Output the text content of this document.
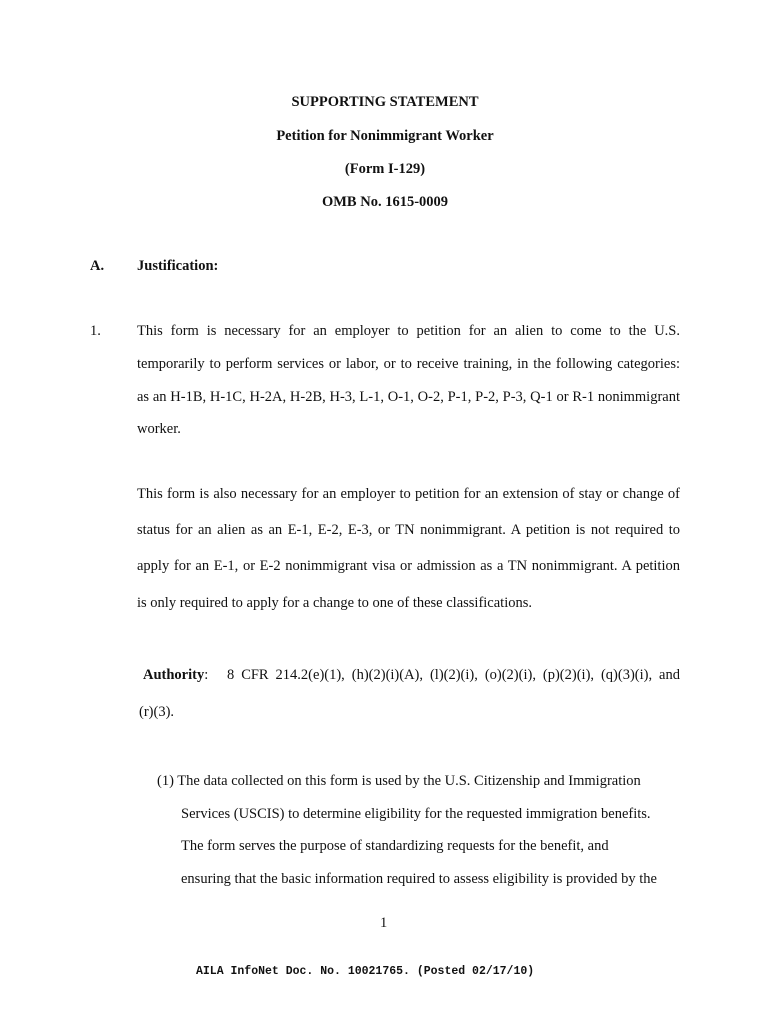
SUPPORTING STATEMENT
Petition for Nonimmigrant Worker
(Form I-129)
OMB No. 1615-0009
A. Justification:
1. This form is necessary for an employer to petition for an alien to come to the U.S.
temporarily to perform services or labor, or to receive training, in the following categories:
as an H-1B, H-1C, H-2A, H-2B, H-3, L-1, O-1, O-2, P-1, P-2, P-3, Q-1 or R-1 nonimmigrant
worker.
This form is also necessary for an employer to petition for an extension of stay or change of
status for an alien as an E-1, E-2, E-3, or TN nonimmigrant. A petition is not required to
apply for an E-1, or E-2 nonimmigrant visa or admission as a TN nonimmigrant. A petition
is only required to apply for a change to one of these classifications.
Authority: 8 CFR 214.2(e)(1), (h)(2)(i)(A), (l)(2)(i), (o)(2)(i), (p)(2)(i), (q)(3)(i), and
(r)(3).
(1) The data collected on this form is used by the U.S. Citizenship and Immigration
Services (USCIS) to determine eligibility for the requested immigration benefits.
The form serves the purpose of standardizing requests for the benefit, and
ensuring that the basic information required to assess eligibility is provided by the
1
AILA InfoNet Doc. No. 10021765. (Posted 02/17/10)
